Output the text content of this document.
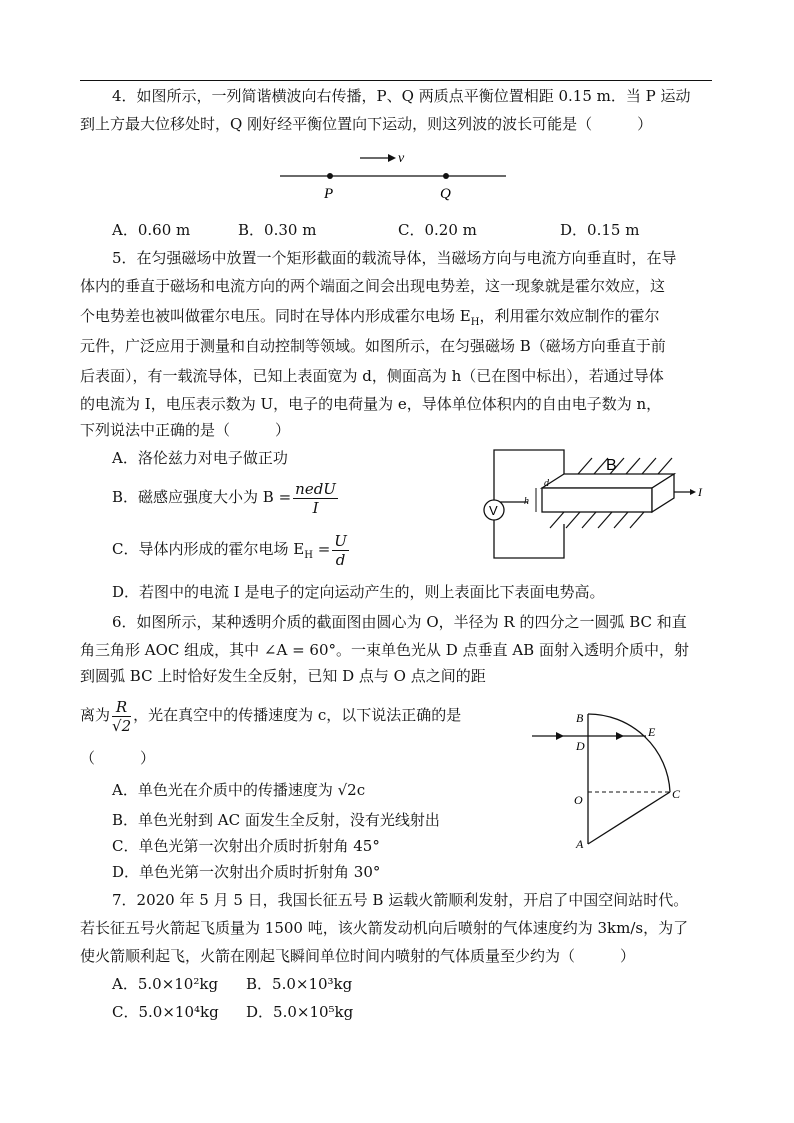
4．如图所示，一列简谐横波向右传播，P、Q 两质点平衡位置相距 0.15 m．当 P 运动
到上方最大位移处时，Q 刚好经平衡位置向下运动，则这列波的波长可能是（　　　）
v
P	Q
A．0.60 m	B．0.30 m	C．0.20 m	D．0.15 m
5．在匀强磁场中放置一个矩形截面的载流导体，当磁场方向与电流方向垂直时，在导
体内的垂直于磁场和电流方向的两个端面之间会出现电势差，这一现象就是霍尔效应，这
个电势差也被叫做霍尔电压。同时在导体内形成霍尔电场 $E_H$，利用霍尔效应制作的霍尔
元件，广泛应用于测量和自动控制等领域。如图所示，在匀强磁场 B（磁场方向垂直于前
后表面），有一载流导体，已知上表面宽为 d，侧面高为 h（已在图中标出），若通过导体
的电流为 I，电压表示数为 U，电子的电荷量为 e，导体单位体积内的自由电子数为 n，
下列说法中正确的是（　　　）
A．洛伦兹力对电子做正功
B．磁感应强度大小为 $B = \frac{\text{nedU}}{I}$
C．导体内形成的霍尔电场 $E_H = \frac{U}{d}$
D．若图中的电流 I 是电子的定向运动产生的，则上表面比下表面电势高。
V
B
d
h
I
6．如图所示，某种透明介质的截面图由圆心为 O，半径为 R 的四分之一圆弧 BC 和直
角三角形 AOC 组成，其中 ∠A = 60°。一束单色光从 D 点垂直 AB 面射入透明介质中，射
到圆弧 BC 上时恰好发生全反射，已知 D 点与 O 点之间的距
离为 $\frac{R}{√2}$ ，光在真空中的传播速度为 c，以下说法正确的是
（　　　）
A．单色光在介质中的传播速度为 √2c
B．单色光射到 AC 面发生全反射，没有光线射出
C．单色光第一次射出介质时折射角 45°
D．单色光第一次射出介质时折射角 30°
B
D
E
O	C
A
7．2020 年 5 月 5 日，我国长征五号 B 运载火箭顺利发射，开启了中国空间站时代。
若长征五号火箭起飞质量为 1500 吨，该火箭发动机向后喷射的气体速度约为 3km/s，为了
使火箭顺利起飞，火箭在刚起飞瞬间单位时间内喷射的气体质量至少约为（　　　）
A．5.0×10²kg B．5.0×10³kg
C．5.0×10⁴kg D．5.0×10⁵kg
